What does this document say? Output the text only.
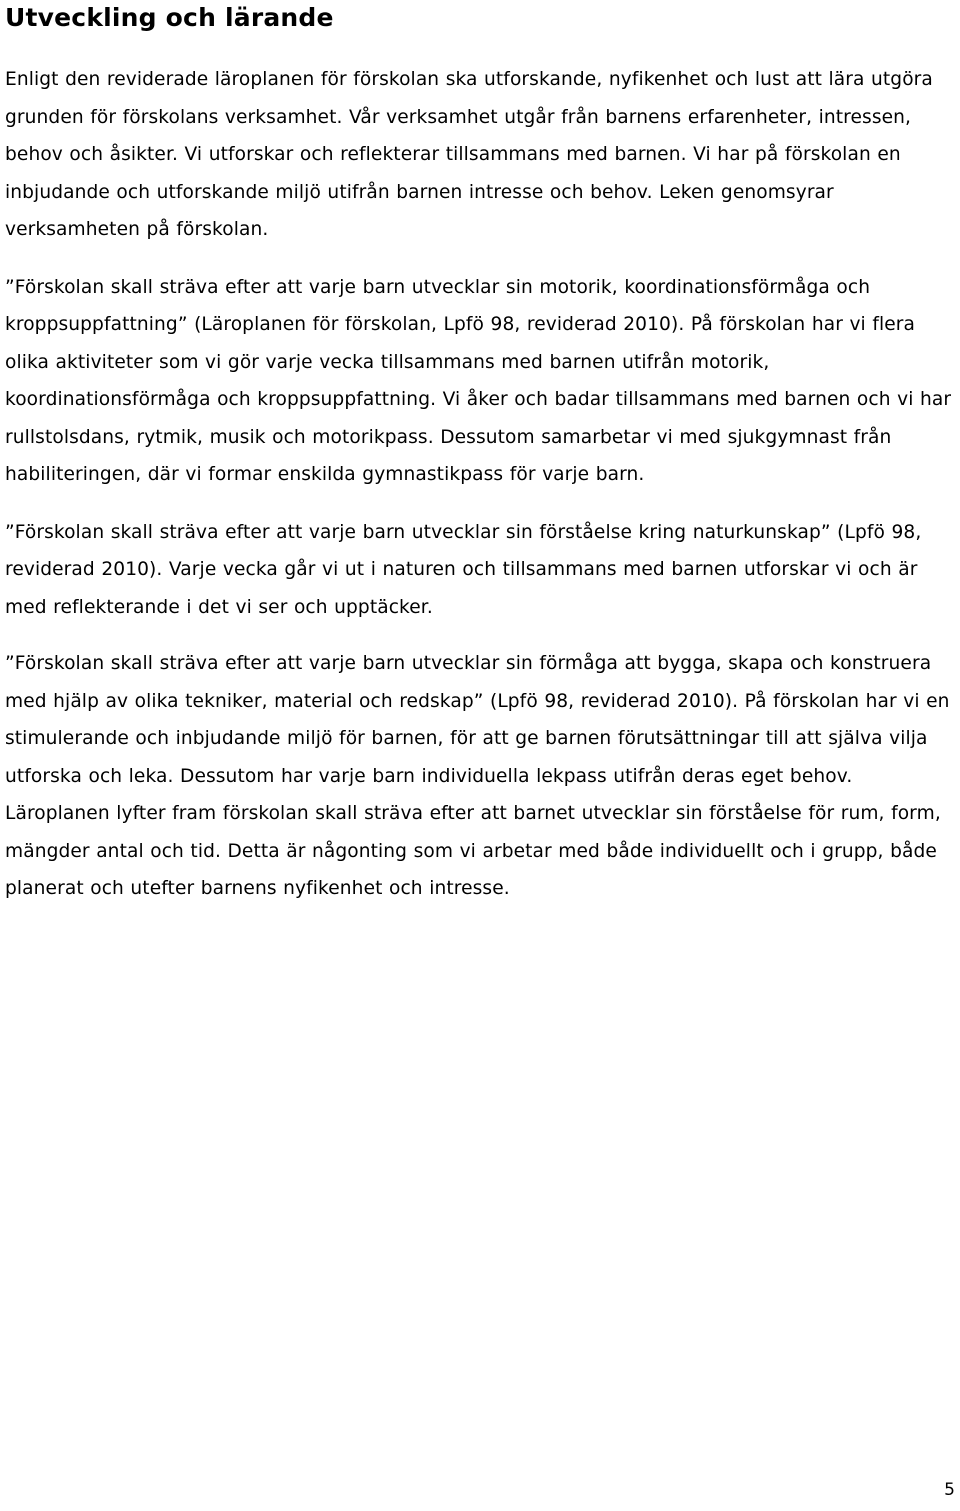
Utveckling och lärande

Enligt den reviderade läroplanen för förskolan ska utforskande, nyfikenhet och lust att lära utgöra grunden för förskolans verksamhet. Vår verksamhet utgår från barnens erfarenheter, intressen, behov och åsikter. Vi utforskar och reflekterar tillsammans med barnen. Vi har på förskolan en inbjudande och utforskande miljö utifrån barnen intresse och behov. Leken genomsyrar verksamheten på förskolan.

”Förskolan skall sträva efter att varje barn utvecklar sin motorik, koordinationsförmåga och kroppsuppfattning” (Läroplanen för förskolan, Lpfö 98, reviderad 2010). På förskolan har vi flera olika aktiviteter som vi gör varje vecka tillsammans med barnen utifrån motorik, koordinationsförmåga och kroppsuppfattning. Vi åker och badar tillsammans med barnen och vi har rullstolsdans, rytmik, musik och motorikpass. Dessutom samarbetar vi med sjukgymnast från habiliteringen, där vi formar enskilda gymnastikpass för varje barn.

”Förskolan skall sträva efter att varje barn utvecklar sin förståelse kring naturkunskap” (Lpfö 98, reviderad 2010). Varje vecka går vi ut i naturen och tillsammans med barnen utforskar vi och är med reflekterande i det vi ser och upptäcker.

”Förskolan skall sträva efter att varje barn utvecklar sin förmåga att bygga, skapa och konstruera med hjälp av olika tekniker, material och redskap” (Lpfö 98, reviderad 2010). På förskolan har vi en stimulerande och inbjudande miljö för barnen, för att ge barnen förutsättningar till att själva vilja utforska och leka. Dessutom har varje barn individuella lekpass utifrån deras eget behov. Läroplanen lyfter fram förskolan skall sträva efter att barnet utvecklar sin förståelse för rum, form, mängder antal och tid. Detta är någonting som vi arbetar med både individuellt och i grupp, både planerat och utefter barnens nyfikenhet och intresse.

5
